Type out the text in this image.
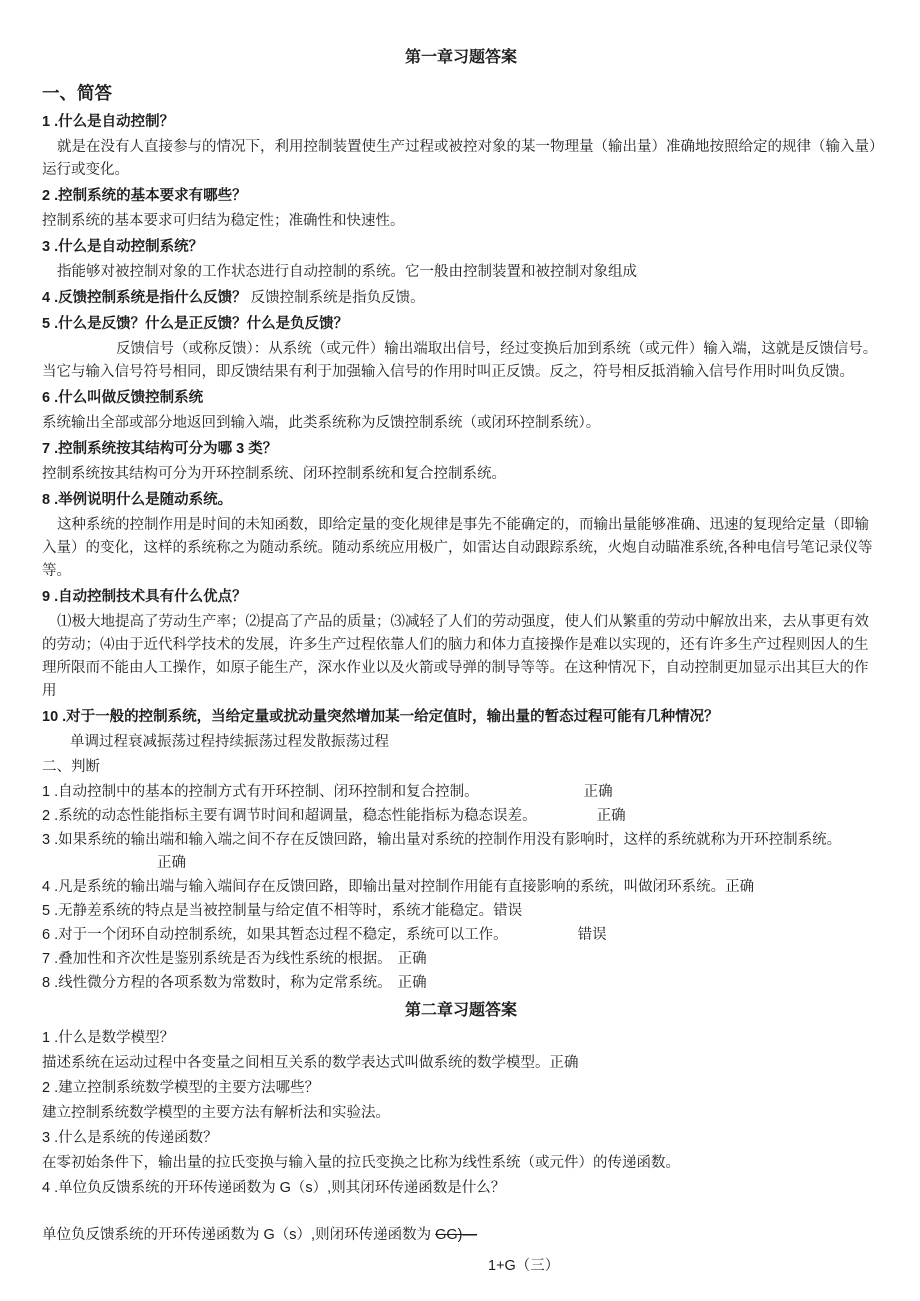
第一章习题答案
一、简答
1 .什么是自动控制？
就是在没有人直接参与的情况下，利用控制装置使生产过程或被控对象的某一物理量（输出量）准确地按照给定的规律（输入量）运行或变化。
2 .控制系统的基本要求有哪些？
控制系统的基本要求可归结为稳定性；准确性和快速性。
3 .什么是自动控制系统？
指能够对被控制对象的工作状态进行自动控制的系统。它一般由控制装置和被控制对象组成
4 .反馈控制系统是指什么反馈？ 反馈控制系统是指负反馈。
5 .什么是反馈？什么是正反馈？什么是负反馈？
反馈信号（或称反馈）：从系统（或元件）输出端取出信号，经过变换后加到系统（或元件）输入端，这就是反馈信号。当它与输入信号符号相同，即反馈结果有利于加强输入信号的作用时叫正反馈。反之，符号相反抵消输入信号作用时叫负反馈。
6 .什么叫做反馈控制系统
系统输出全部或部分地返回到输入端，此类系统称为反馈控制系统（或闭环控制系统）。
7 .控制系统按其结构可分为哪 3 类？
控制系统按其结构可分为开环控制系统、闭环控制系统和复合控制系统。
8 .举例说明什么是随动系统。
这种系统的控制作用是时间的未知函数，即给定量的变化规律是事先不能确定的，而输出量能够准确、迅速的复现给定量（即输入量）的变化，这样的系统称之为随动系统。随动系统应用极广，如雷达自动跟踪系统，火炮自动瞄准系统,各种电信号笔记录仪等等。
9 .自动控制技术具有什么优点？
⑴极大地提高了劳动生产率；⑵提高了产品的质量；⑶减轻了人们的劳动强度，使人们从繁重的劳动中解放出来，去从事更有效的劳动；⑷由于近代科学技术的发展，许多生产过程依靠人们的脑力和体力直接操作是难以实现的，还有许多生产过程则因人的生理所限而不能由人工操作，如原子能生产，深水作业以及火箭或导弹的制导等等。在这种情况下，自动控制更加显示出其巨大的作用
10 .对于一般的控制系统，当给定量或扰动量突然增加某一给定值时，输出量的暂态过程可能有几种情况？
单调过程衰减振荡过程持续振荡过程发散振荡过程
二、判断
1 .自动控制中的基本的控制方式有开环控制、闭环控制和复合控制。	正确
2 .系统的动态性能指标主要有调节时间和超调量，稳态性能指标为稳态误差。	正确
3 .如果系统的输出端和输入端之间不存在反馈回路，输出量对系统的控制作用没有影响时，这样的系统就称为开环控制系统。正确
4 .凡是系统的输出端与输入端间存在反馈回路，即输出量对控制作用能有直接影响的系统，叫做闭环系统。正确
5 .无静差系统的特点是当被控制量与给定值不相等时，系统才能稳定。错误
6 .对于一个闭环自动控制系统，如果其暂态过程不稳定，系统可以工作。	错误
7 .叠加性和齐次性是鉴别系统是否为线性系统的根据。 正确
8 .线性微分方程的各项系数为常数时，称为定常系统。 正确
第二章习题答案
1 .什么是数学模型？
描述系统在运动过程中各变量之间相互关系的数学表达式叫做系统的数学模型。正确
2 .建立控制系统数学模型的主要方法哪些？
建立控制系统数学模型的主要方法有解析法和实验法。
3 .什么是系统的传递函数？
在零初始条件下，输出量的拉氏变换与输入量的拉氏变换之比称为线性系统（或元件）的传递函数。
4 .单位负反馈系统的开环传递函数为 G（s）,则其闭环传递函数是什么？
单位负反馈系统的开环传递函数为 G（s）,则闭环传递函数为 GG)—
1+G（三）
